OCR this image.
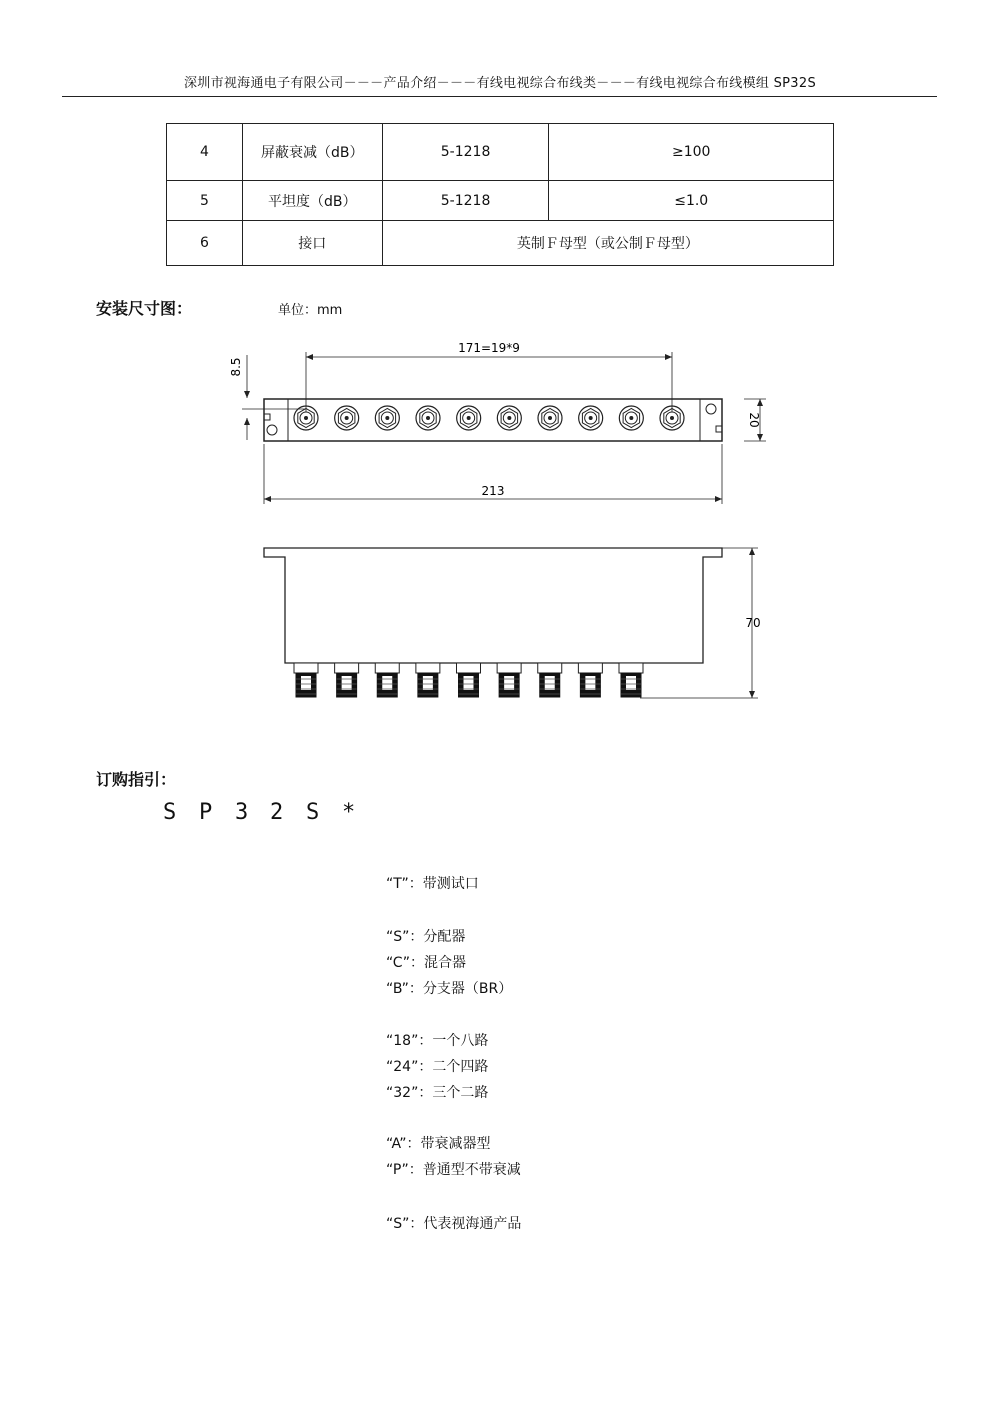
深圳市视海通电子有限公司－－－产品介绍－－－有线电视综合布线类－－－有线电视综合布线模组 SP32S
4	屏蔽衰减（dB）	5-1218	≥100
5	平坦度（dB）	5-1218	≤1.0
6	接口	英制Ｆ母型（或公制Ｆ母型）	
安装尺寸图：	单位：mm
171=19*9
8.5
20
213
70
订购指引：
S P 3 2 S *
“T”：带测试口
“S”：分配器
“C”：混合器
“B”：分支器（BR）
“18”：一个八路
“24”：二个四路
“32”：三个二路
“A”：带衰减器型
“P”：普通型不带衰减
“S”：代表视海通产品
